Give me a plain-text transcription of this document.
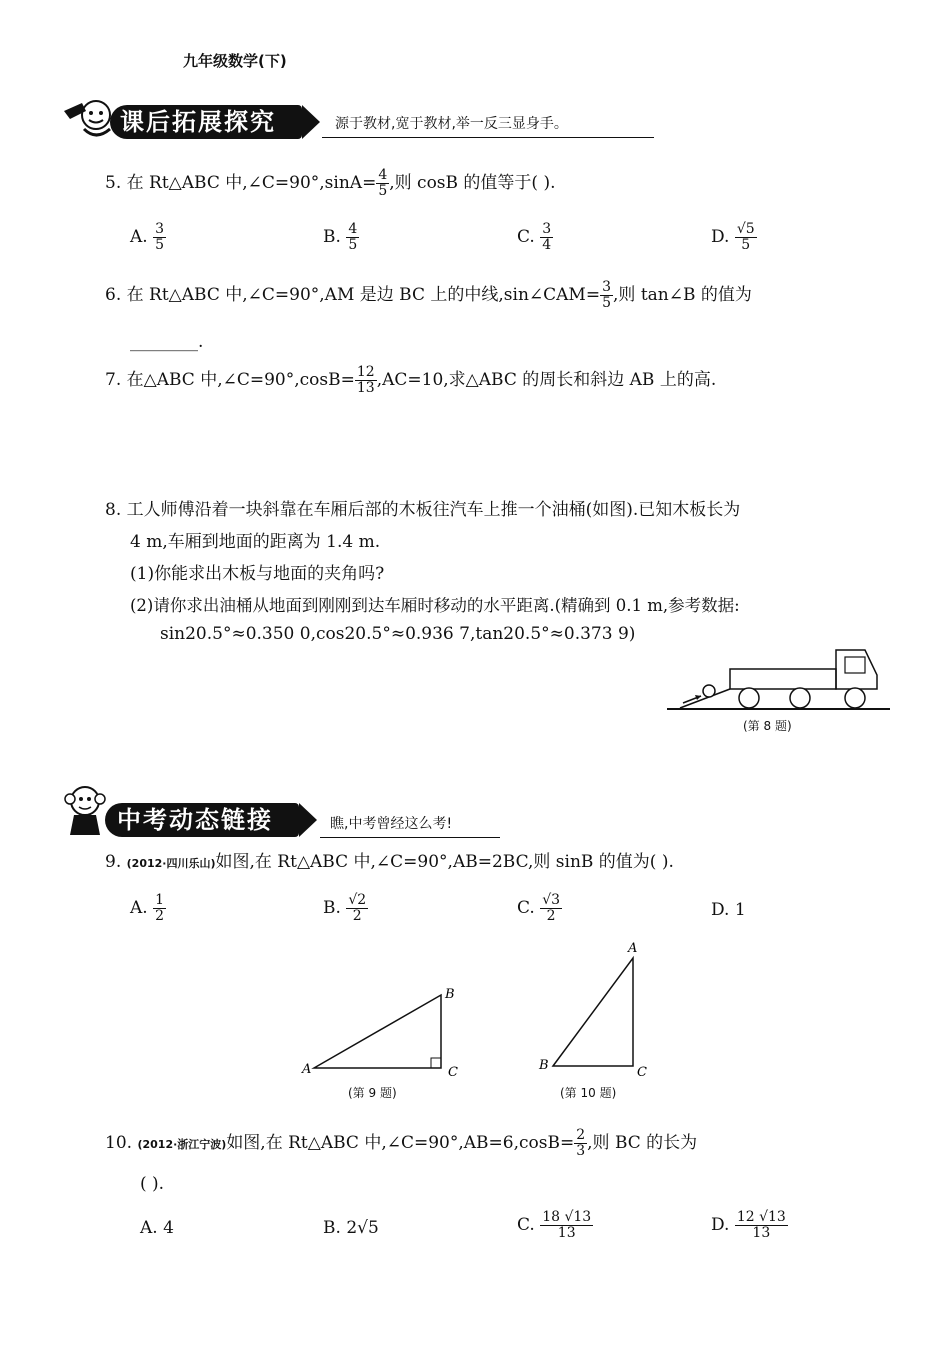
九年级数学(下)
课后拓展探究	源于教材,宽于教材,举一反三显身手。
5. 在 Rt△ABC 中,∠C=90°,sinA= $\frac{4}{5}$ ,则 cosB 的值等于( ).
A. $\frac{3}{5}$	B. $\frac{4}{5}$	C. $\frac{3}{4}$	D. $\frac{√5}{5}$
6. 在 Rt△ABC 中,∠C=90°,AM 是边 BC 上的中线,sin∠CAM= $\frac{3}{5}$ ,则 tan∠B 的值为
________.
7. 在△ABC 中,∠C=90°,cosB= $\frac{12}{13} ,AC=10$,求△ABC 的周长和斜边 AB 上的高.
8. 工人师傅沿着一块斜靠在车厢后部的木板往汽车上推一个油桶(如图).已知木板长为
4 m,车厢到地面的距离为 1.4 m.
(1)你能求出木板与地面的夹角吗?
(2)请你求出油桶从地面到刚刚到达车厢时移动的水平距离.(精确到 0.1 m,参考数据:
sin20.5°≈0.350 0,cos20.5°≈0.936 7,tan20.5°≈0.373 9)
(第 8 题)
中考动态链接	瞧,中考曾经这么考!
9. (2012·四川乐山)如图,在 Rt△ABC 中,∠C=90°,AB=2BC,则 sinB 的值为( ).
A. $\frac{1}{2}$	B. $\frac{√2}{2}$	C. $\frac{√3}{2}$	D. 1
A
B
C
(第 9 题)
A
B	C
(第 10 题)
10. (2012·浙江宁波)如图,在 Rt△ABC 中,∠C=90°,AB=6,cosB= $\frac{2}{3}$ ,则 BC 的长为
( ).
A. 4	B. 2√5	C. $\frac{18 √13}{13}$	D. $\frac{12 √13}{13}$
